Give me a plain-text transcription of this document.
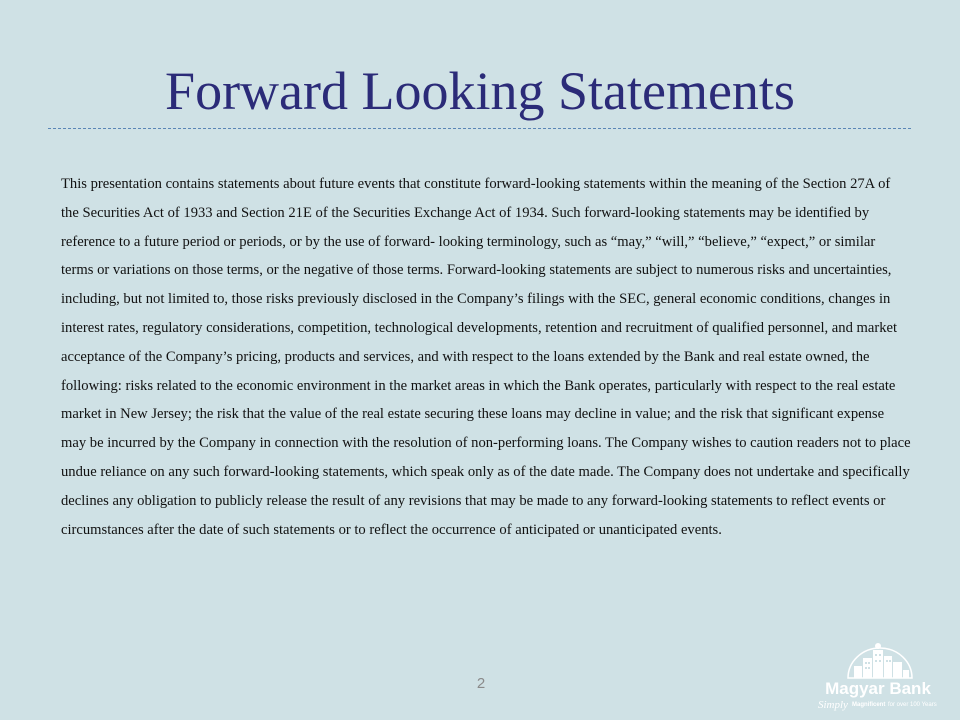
Forward Looking Statements

This presentation contains statements about future events that constitute forward-looking statements within the meaning of the Section 27A of the Securities Act of 1933 and Section 21E of the Securities Exchange Act of 1934. Such forward-looking statements may be identified by reference to a future period or periods, or by the use of forward- looking terminology, such as “may,” “will,” “believe,” “expect,” or similar terms or variations on those terms, or the negative of those terms. Forward-looking statements are subject to numerous risks and uncertainties, including, but not limited to, those risks previously disclosed in the Company’s filings with the SEC, general economic conditions, changes in interest rates, regulatory considerations, competition, technological developments, retention and recruitment of qualified personnel, and market acceptance of the Company’s pricing, products and services, and with respect to the loans extended by the Bank and real estate owned, the following: risks related to the economic environment in the market areas in which the Bank operates, particularly with respect to the real estate market in New Jersey; the risk that the value of the real estate securing these loans may decline in value; and the risk that significant expense may be incurred by the Company in connection with the resolution of non-performing loans. The Company wishes to caution readers not to place undue reliance on any such forward-looking statements, which speak only as of the date made. The Company does not undertake and specifically declines any obligation to publicly release the result of any revisions that may be made to any forward-looking statements to reflect events or circumstances after the date of such statements or to reflect the occurrence of anticipated or unanticipated events.

2	Magyar Bank
Simply Magnificent for over 100 Years
